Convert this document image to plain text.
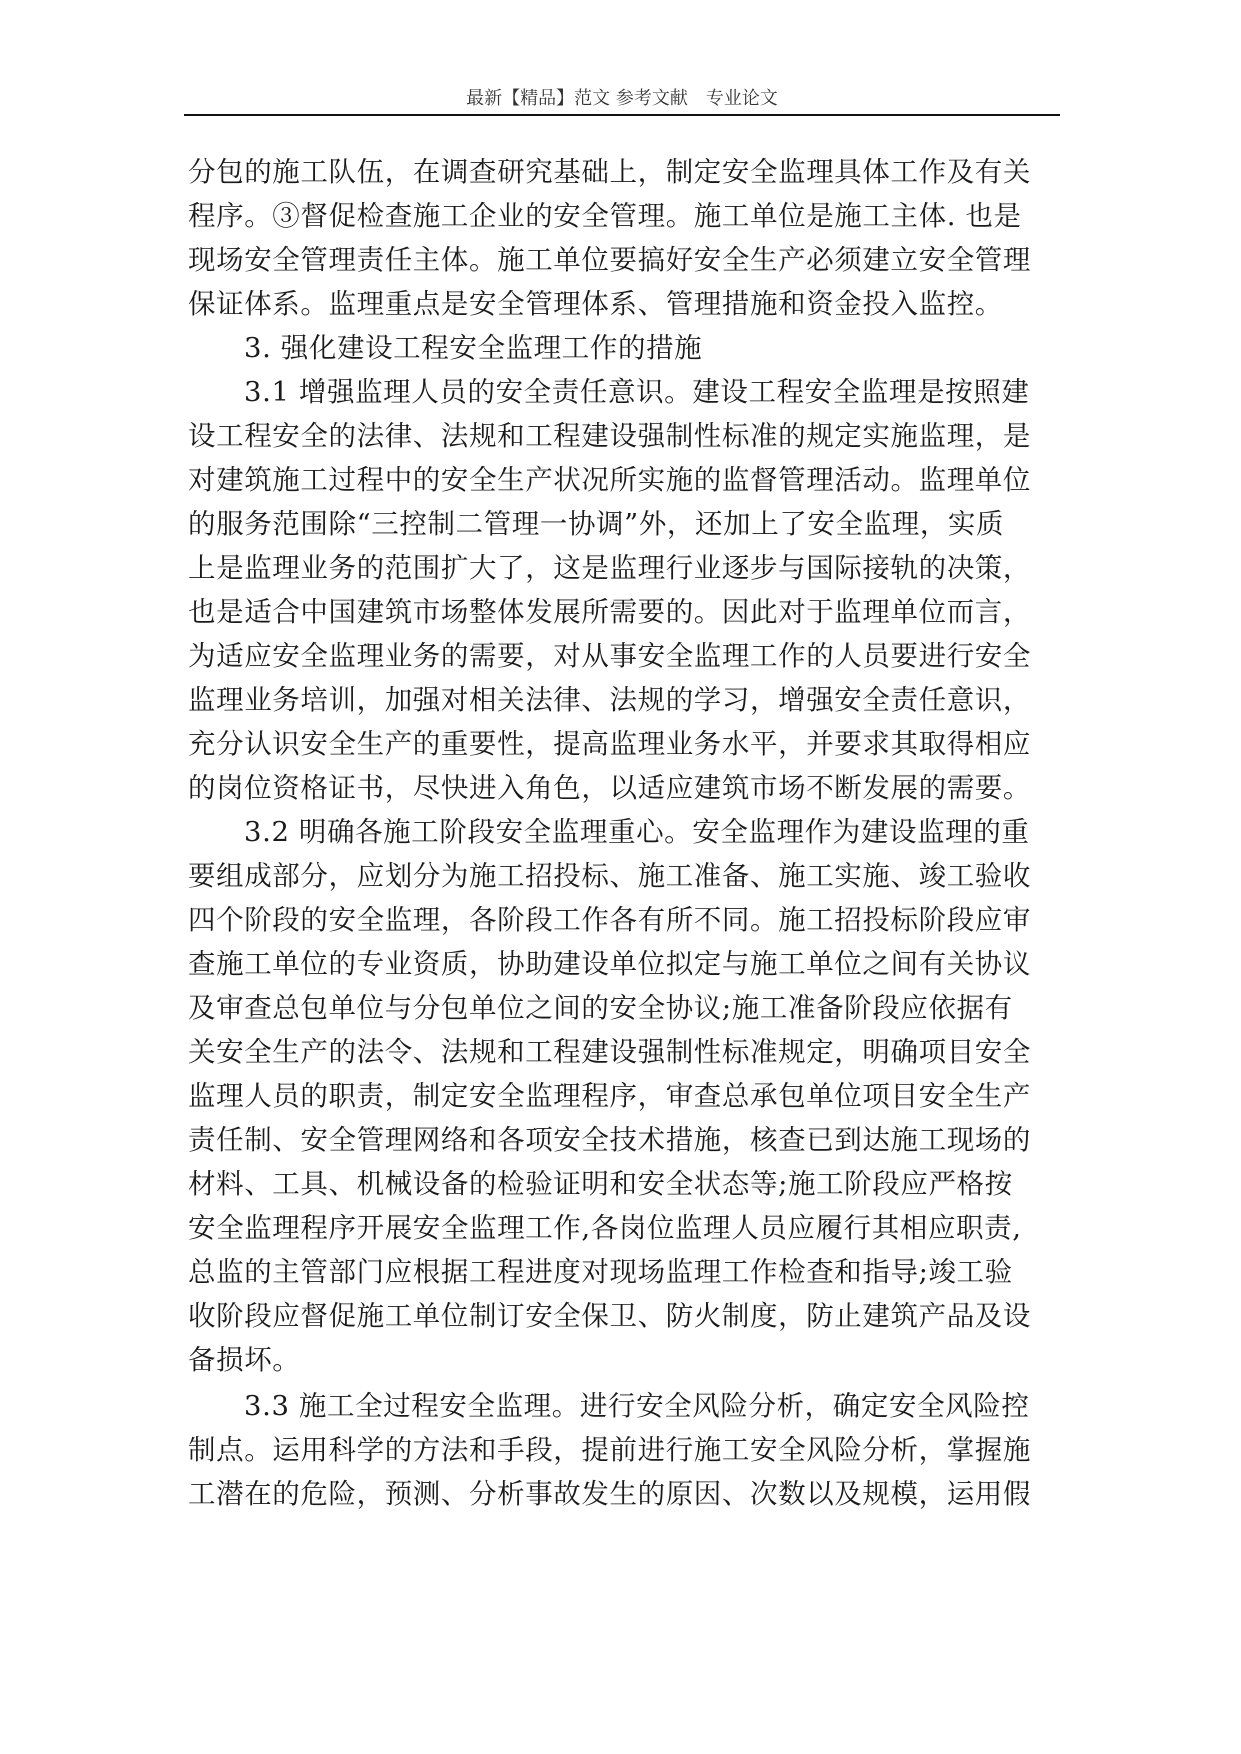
最新【精品】范文 参考文献　专业论文
分包的施工队伍，在调查研究基础上，制定安全监理具体工作及有关
程序。③督促检查施工企业的安全管理。施工单位是施工主体. 也是
现场安全管理责任主体。施工单位要搞好安全生产必须建立安全管理
保证体系。监理重点是安全管理体系、管理措施和资金投入监控。
3. 强化建设工程安全监理工作的措施
3.1 增强监理人员的安全责任意识。建设工程安全监理是按照建
设工程安全的法律、法规和工程建设强制性标准的规定实施监理，是
对建筑施工过程中的安全生产状况所实施的监督管理活动。监理单位
的服务范围除“三控制二管理一协调”外，还加上了安全监理，实质
上是监理业务的范围扩大了，这是监理行业逐步与国际接轨的决策，
也是适合中国建筑市场整体发展所需要的。因此对于监理单位而言，
为适应安全监理业务的需要，对从事安全监理工作的人员要进行安全
监理业务培训，加强对相关法律、法规的学习，增强安全责任意识，
充分认识安全生产的重要性，提高监理业务水平，并要求其取得相应
的岗位资格证书，尽快进入角色，以适应建筑市场不断发展的需要。
3.2 明确各施工阶段安全监理重心。安全监理作为建设监理的重
要组成部分，应划分为施工招投标、施工准备、施工实施、竣工验收
四个阶段的安全监理，各阶段工作各有所不同。施工招投标阶段应审
查施工单位的专业资质，协助建设单位拟定与施工单位之间有关协议
及审查总包单位与分包单位之间的安全协议;施工准备阶段应依据有
关安全生产的法令、法规和工程建设强制性标准规定，明确项目安全
监理人员的职责，制定安全监理程序，审查总承包单位项目安全生产
责任制、安全管理网络和各项安全技术措施，核查已到达施工现场的
材料、工具、机械设备的检验证明和安全状态等;施工阶段应严格按
安全监理程序开展安全监理工作,各岗位监理人员应履行其相应职责,
总监的主管部门应根据工程进度对现场监理工作检查和指导;竣工验
收阶段应督促施工单位制订安全保卫、防火制度，防止建筑产品及设
备损坏。
3.3 施工全过程安全监理。进行安全风险分析，确定安全风险控
制点。运用科学的方法和手段，提前进行施工安全风险分析，掌握施
工潜在的危险，预测、分析事故发生的原因、次数以及规模，运用假
